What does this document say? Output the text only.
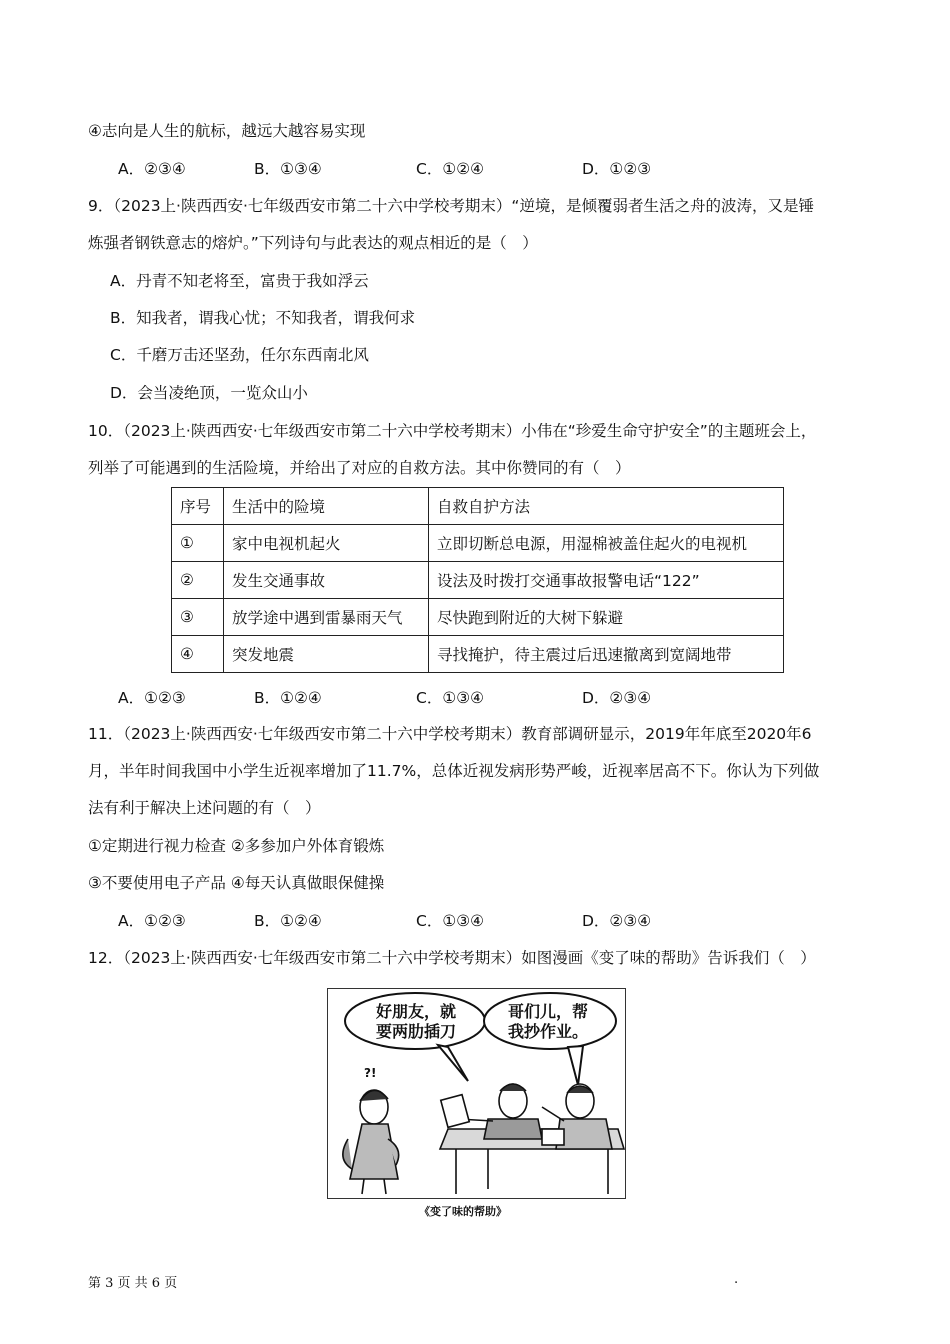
④志向是人生的航标，越远大越容易实现
A．②③④	B．①③④	C．①②④	D．①②③
9．（2023上·陕西西安·七年级西安市第二十六中学校考期末）“逆境，是倾覆弱者生活之舟的波涛，又是锤
炼强者钢铁意志的熔炉。”下列诗句与此表达的观点相近的是（　）
A．丹青不知老将至，富贵于我如浮云
B．知我者，谓我心忧；不知我者，谓我何求
C．千磨万击还坚劲，任尔东西南北风
D．会当凌绝顶，一览众山小
10．（2023上·陕西西安·七年级西安市第二十六中学校考期末）小伟在“珍爱生命守护安全”的主题班会上，
列举了可能遇到的生活险境，并给出了对应的自救方法。其中你赞同的有（　）
序号	生活中的险境	自救自护方法
①	家中电视机起火	立即切断总电源，用湿棉被盖住起火的电视机
②	发生交通事故	设法及时拨打交通事故报警电话“122”
③	放学途中遇到雷暴雨天气	尽快跑到附近的大树下躲避
④	突发地震	寻找掩护，待主震过后迅速撤离到宽阔地带
A．①②③	B．①②④	C．①③④	D．②③④
11．（2023上·陕西西安·七年级西安市第二十六中学校考期末）教育部调研显示，2019年年底至2020年6
月，半年时间我国中小学生近视率增加了11.7%，总体近视发病形势严峻，近视率居高不下。你认为下列做
法有利于解决上述问题的有（　）
①定期进行视力检查 ②多参加户外体育锻炼
③不要使用电子产品 ④每天认真做眼保健操
A．①②③	B．①②④	C．①③④	D．②③④
12．（2023上·陕西西安·七年级西安市第二十六中学校考期末）如图漫画《变了味的帮助》告诉我们（　）
好朋友，就
要两肋插刀
哥们儿，帮
我抄作业。
?!
《变了味的帮助》
第 3 页 共 6 页	.
